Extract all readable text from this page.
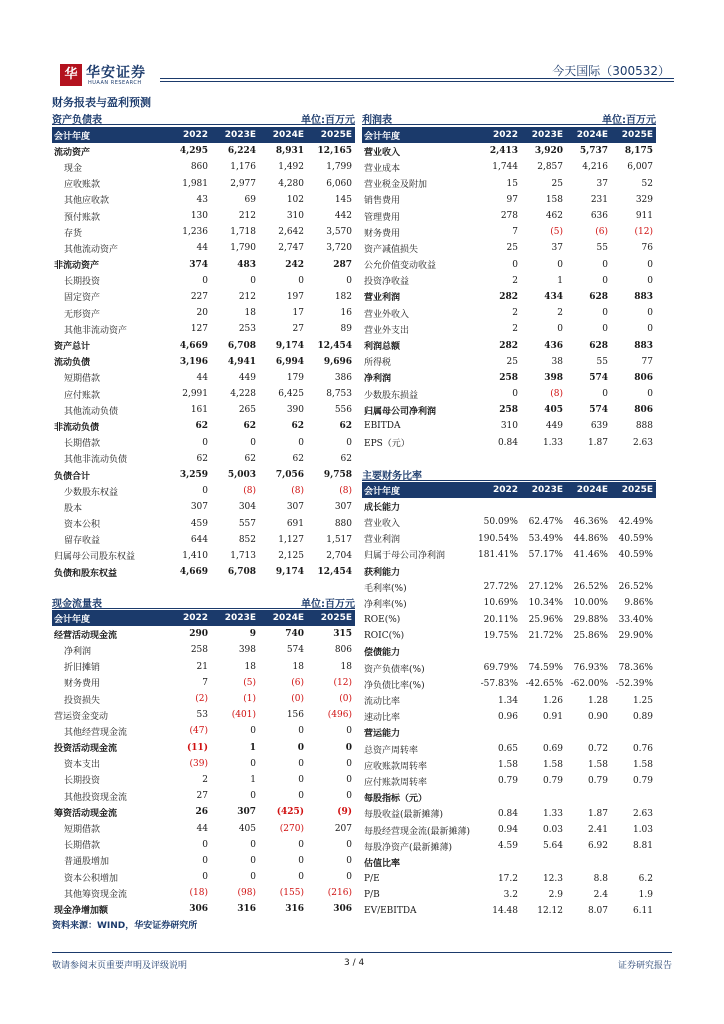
华 华安证券
HUAAN RESEARCH
今天国际（300532）
财务报表与盈利预测
资产负债表	单位:百万元 利润表	单位:百万元
主要财务比率
现金流量表	单位:百万元
会计年度	2022	2023E	2024E	2025E
流动资产	4,295	6,224	8,931	12,165
现金	860	1,176	1,492	1,799
应收账款	1,981	2,977	4,280	6,060
其他应收款	43	69	102	145
预付账款	130	212	310	442
存货	1,236	1,718	2,642	3,570
其他流动资产	44	1,790	2,747	3,720
非流动资产	374	483	242	287
长期投资	0	0	0	0
固定资产	227	212	197	182
无形资产	20	18	17	16
其他非流动资产	127	253	27	89
资产总计	4,669	6,708	9,174	12,454
流动负债	3,196	4,941	6,994	9,696
短期借款	44	449	179	386
应付账款	2,991	4,228	6,425	8,753
其他流动负债	161	265	390	556
非流动负债	62	62	62	62
长期借款	0	0	0	0
其他非流动负债	62	62	62	62
负债合计	3,259	5,003	7,056	9,758
少数股东权益	0	(8)	(8)	(8)
股本	307	304	307	307
资本公积	459	557	691	880
留存收益	644	852	1,127	1,517
归属母公司股东权益	1,410	1,713	2,125	2,704
负债和股东权益	4,669	6,708	9,174	12,454
会计年度	2022	2023E	2024E	2025E
营业收入	2,413	3,920	5,737	8,175
营业成本	1,744	2,857	4,216	6,007
营业税金及附加	15	25	37	52
销售费用	97	158	231	329
管理费用	278	462	636	911
财务费用	7	(5)	(6)	(12)
资产减值损失	25	37	55	76
公允价值变动收益	0	0	0	0
投资净收益	2	1	0	0
营业利润	282	434	628	883
营业外收入	2	2	0	0
营业外支出	2	0	0	0
利润总额	282	436	628	883
所得税	25	38	55	77
净利润	258	398	574	806
少数股东损益	0	(8)	0	0
归属母公司净利润	258	405	574	806
EBITDA	310	449	639	888
EPS（元）	0.84	1.33	1.87	2.63
会计年度	2022	2023E	2024E	2025E
成长能力				
营业收入	50.09%	62.47%	46.36%	42.49%
营业利润	190.54%	53.49%	44.86%	40.59%
归属于母公司净利润	181.41%	57.17%	41.46%	40.59%
获利能力				
毛利率(%)	27.72%	27.12%	26.52%	26.52%
净利率(%)	10.69%	10.34%	10.00%	9.86%
ROE(%)	20.11%	25.96%	29.88%	33.40%
ROIC(%)	19.75%	21.72%	25.86%	29.90%
偿债能力				
资产负债率(%)	69.79%	74.59%	76.93%	78.36%
净负债比率(%)	-57.83%	-42.65%	-62.00%	-52.39%
流动比率	1.34	1.26	1.28	1.25
速动比率	0.96	0.91	0.90	0.89
营运能力				
总资产周转率	0.65	0.69	0.72	0.76
应收账款周转率	1.58	1.58	1.58	1.58
应付账款周转率	0.79	0.79	0.79	0.79
每股指标（元）				
每股收益(最新摊薄)	0.84	1.33	1.87	2.63
每股经营现金流(最新摊薄)	0.94	0.03	2.41	1.03
每股净资产(最新摊薄)	4.59	5.64	6.92	8.81
估值比率				
P/E	17.2	12.3	8.8	6.2
P/B	3.2	2.9	2.4	1.9
EV/EBITDA	14.48	12.12	8.07	6.11
会计年度	2022	2023E	2024E	2025E
经营活动现金流	290	9	740	315
净利润	258	398	574	806
折旧摊销	21	18	18	18
财务费用	7	(5)	(6)	(12)
投资损失	(2)	(1)	(0)	(0)
营运资金变动	53	(401)	156	(496)
其他经营现金流	(47)	0	0	0
投资活动现金流	(11)	1	0	0
资本支出	(39)	0	0	0
长期投资	2	1	0	0
其他投资现金流	27	0	0	0
筹资活动现金流	26	307	(425)	(9)
短期借款	44	405	(270)	207
长期借款	0	0	0	0
普通股增加	0	0	0	0
资本公积增加	0	0	0	0
其他筹资现金流	(18)	(98)	(155)	(216)
现金净增加额	306	316	316	306
资料来源：WIND，华安证券研究所
敬请参阅末页重要声明及评级说明	3 / 4	证券研究报告
